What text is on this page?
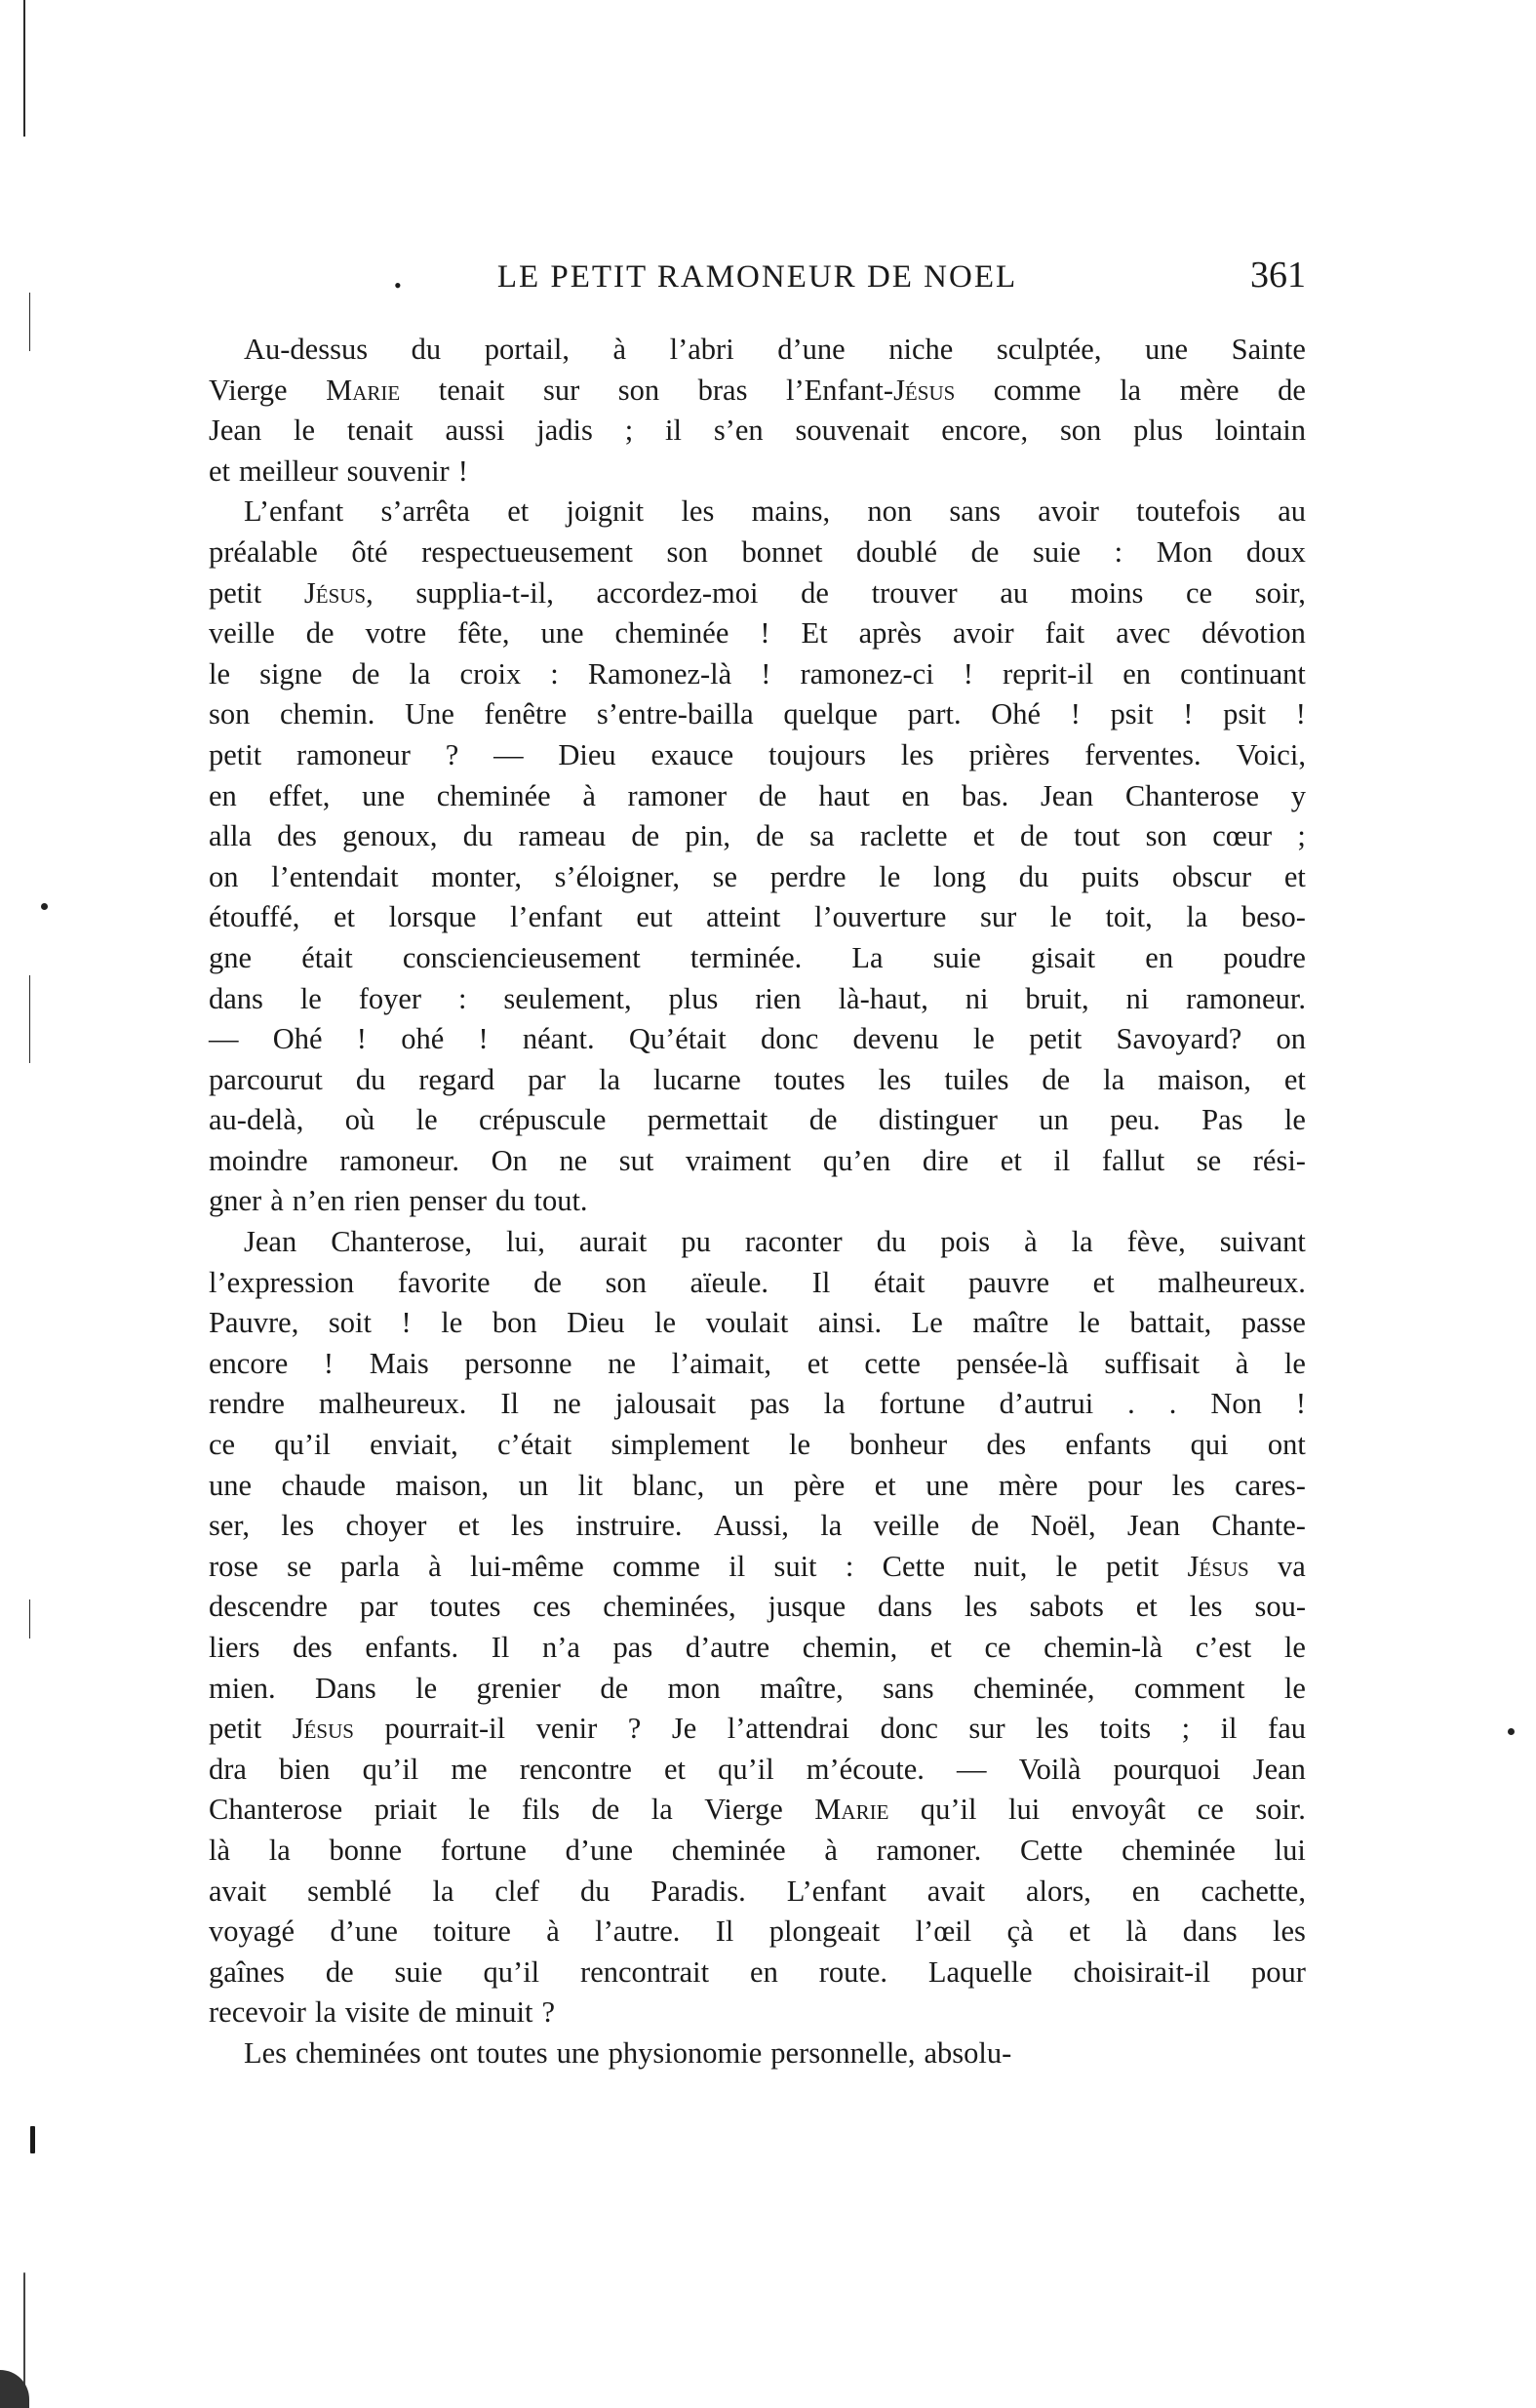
•	LE PETIT RAMONEUR DE NOEL	361
Au-dessus du portail, à l’abri d’une niche sculptée, une Sainte
Vierge Marie tenait sur son bras l’Enfant-Jésus comme la mère de
Jean le tenait aussi jadis ; il s’en souvenait encore, son plus lointain
et meilleur souvenir !
L’enfant s’arrêta et joignit les mains, non sans avoir toutefois au
préalable ôté respectueusement son bonnet doublé de suie : Mon doux
petit Jésus, supplia-t-il, accordez-moi de trouver au moins ce soir,
veille de votre fête, une cheminée ! Et après avoir fait avec dévotion
le signe de la croix : Ramonez-là ! ramonez-ci ! reprit-il en continuant
son chemin. Une fenêtre s’entre-bailla quelque part. Ohé ! psit ! psit !
petit ramoneur ? — Dieu exauce toujours les prières ferventes. Voici,
en effet, une cheminée à ramoner de haut en bas. Jean Chanterose y
alla des genoux, du rameau de pin, de sa raclette et de tout son cœur ;
on l’entendait monter, s’éloigner, se perdre le long du puits obscur et
étouffé, et lorsque l’enfant eut atteint l’ouverture sur le toit, la beso-
gne était consciencieusement terminée. La suie gisait en poudre
dans le foyer : seulement, plus rien là-haut, ni bruit, ni ramoneur.
— Ohé ! ohé ! néant. Qu’était donc devenu le petit Savoyard? on
parcourut du regard par la lucarne toutes les tuiles de la maison, et
au-delà, où le crépuscule permettait de distinguer un peu. Pas le
moindre ramoneur. On ne sut vraiment qu’en dire et il fallut se rési-
gner à n’en rien penser du tout.
Jean Chanterose, lui, aurait pu raconter du pois à la fève, suivant
l’expression favorite de son aïeule. Il était pauvre et malheureux.
Pauvre, soit ! le bon Dieu le voulait ainsi. Le maître le battait, passe
encore ! Mais personne ne l’aimait, et cette pensée-là suffisait à le
rendre malheureux. Il ne jalousait pas la fortune d’autrui . . Non !
ce qu’il enviait, c’était simplement le bonheur des enfants qui ont
une chaude maison, un lit blanc, un père et une mère pour les cares-
ser, les choyer et les instruire. Aussi, la veille de Noël, Jean Chante-
rose se parla à lui-même comme il suit : Cette nuit, le petit Jésus va
descendre par toutes ces cheminées, jusque dans les sabots et les sou-
liers des enfants. Il n’a pas d’autre chemin, et ce chemin-là c’est le
mien. Dans le grenier de mon maître, sans cheminée, comment le
petit Jésus pourrait-il venir ? Je l’attendrai donc sur les toits ; il fau
dra bien qu’il me rencontre et qu’il m’écoute. — Voilà pourquoi Jean
Chanterose priait le fils de la Vierge Marie qu’il lui envoyât ce soir.
là la bonne fortune d’une cheminée à ramoner. Cette cheminée lui
avait semblé la clef du Paradis. L’enfant avait alors, en cachette,
voyagé d’une toiture à l’autre. Il plongeait l’œil çà et là dans les
gaînes de suie qu’il rencontrait en route. Laquelle choisirait-il pour
recevoir la visite de minuit ?
Les cheminées ont toutes une physionomie personnelle, absolu-
